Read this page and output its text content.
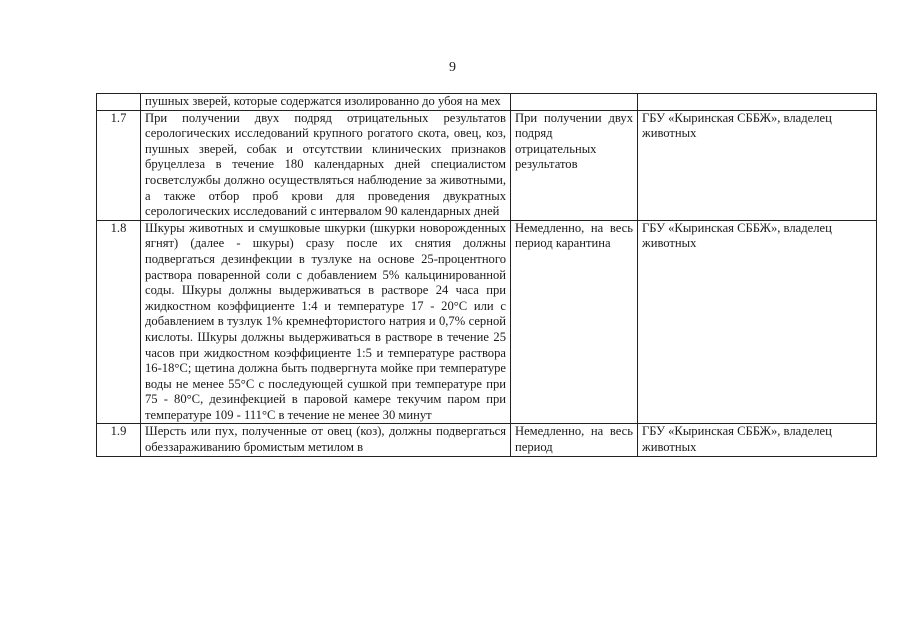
9
	пушных зверей, которые содержатся изолированно до убоя на мех		
1.7	При получении двух подряд отрицательных результатов серологических исследований крупного рогатого скота, овец, коз, пушных зверей, собак и отсутствии клинических признаков бруцеллеза в течение 180 календарных дней специалистом госветслужбы должно осуществляться наблюдение за животными, а также отбор проб крови для проведения двукратных серологических исследований с интервалом 90 календарных дней	При получении двух подряд отрицательных результатов	ГБУ «Кыринская СББЖ», владелец животных
1.8	Шкуры животных и смушковые шкурки (шкурки новорожденных ягнят) (далее - шкуры) сразу после их снятия должны подвергаться дезинфекции в тузлуке на основе 25-процентного раствора поваренной соли с добавлением 5% кальцинированной соды. Шкуры должны выдерживаться в растворе 24 часа при жидкостном коэффициенте 1:4 и температуре 17 - 20°С или с добавлением в тузлук 1% кремнефтористого натрия и 0,7% серной кислоты. Шкуры должны выдерживаться в растворе в течение 25 часов при жидкостном коэффициенте 1:5 и температуре раствора 16-18°С; щетина должна быть подвергнута мойке при температуре воды не менее 55°С с последующей сушкой при температуре при 75 - 80°С, дезинфекцией в паровой камере текучим паром при температуре 109 - 111°С в течение не менее 30 минут	Немедленно, на весь период карантина	ГБУ «Кыринская СББЖ», владелец животных
1.9	Шерсть или пух, полученные от овец (коз), должны подвергаться обеззараживанию бромистым метилом в	Немедленно, на весь период	ГБУ «Кыринская СББЖ», владелец животных
